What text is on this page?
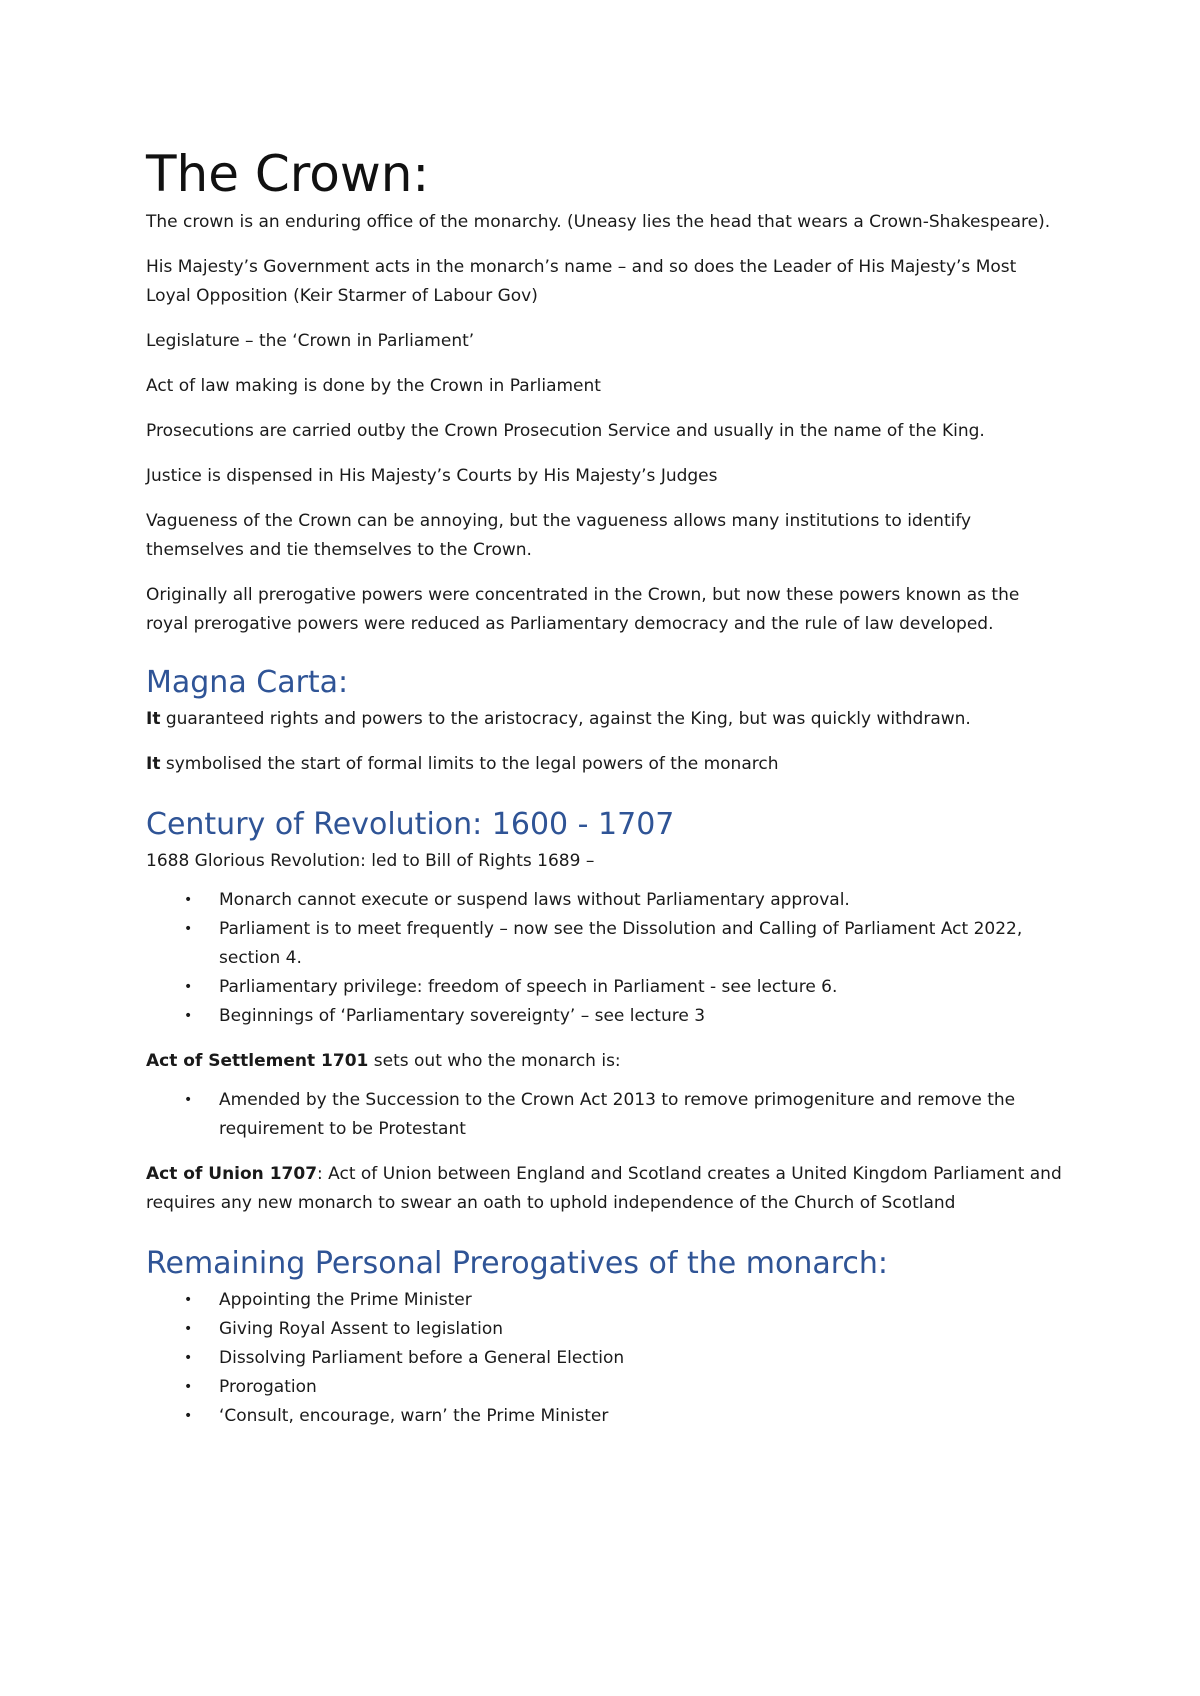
The Crown:

The crown is an enduring office of the monarchy. (Uneasy lies the head that wears a Crown-Shakespeare).

His Majesty’s Government acts in the monarch’s name – and so does the Leader of His Majesty’s Most Loyal Opposition (Keir Starmer of Labour Gov)

Legislature – the ‘Crown in Parliament’

Act of law making is done by the Crown in Parliament

Prosecutions are carried outby the Crown Prosecution Service and usually in the name of the King.

Justice is dispensed in His Majesty’s Courts by His Majesty’s Judges

Vagueness of the Crown can be annoying, but the vagueness allows many institutions to identify themselves and tie themselves to the Crown.

Originally all prerogative powers were concentrated in the Crown, but now these powers known as the royal prerogative powers were reduced as Parliamentary democracy and the rule of law developed.

Magna Carta:

It guaranteed rights and powers to the aristocracy, against the King, but was quickly withdrawn.

It symbolised the start of formal limits to the legal powers of the monarch

Century of Revolution: 1600 - 1707

1688 Glorious Revolution: led to Bill of Rights 1689 –

• Monarch cannot execute or suspend laws without Parliamentary approval.
• Parliament is to meet frequently – now see the Dissolution and Calling of Parliament Act 2022, section 4.
• Parliamentary privilege: freedom of speech in Parliament - see lecture 6.
• Beginnings of ‘Parliamentary sovereignty’ – see lecture 3

Act of Settlement 1701 sets out who the monarch is:

• Amended by the Succession to the Crown Act 2013 to remove primogeniture and remove the requirement to be Protestant

Act of Union 1707: Act of Union between England and Scotland creates a United Kingdom Parliament and requires any new monarch to swear an oath to uphold independence of the Church of Scotland

Remaining Personal Prerogatives of the monarch:
• Appointing the Prime Minister
• Giving Royal Assent to legislation
• Dissolving Parliament before a General Election
• Prorogation
• ‘Consult, encourage, warn’ the Prime Minister
